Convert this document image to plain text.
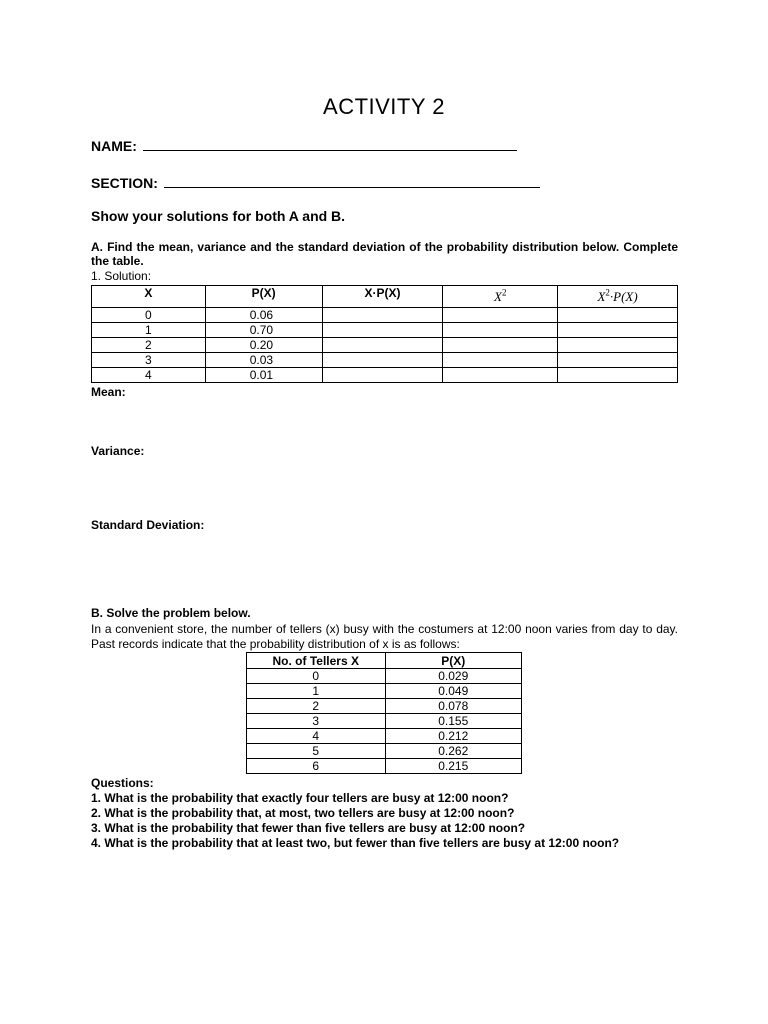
ACTIVITY 2
NAME:
SECTION:
Show your solutions for both A and B.
A. Find the mean, variance and the standard deviation of the probability distribution below. Complete the table.
1. Solution:
X	P(X)	X·P(X)	$X^2$	$X^2\cdot P(X)$
0	0.06			
1	0.70			
2	0.20			
3	0.03			
4	0.01			
Mean:
Variance:
Standard Deviation:
B. Solve the problem below.
In a convenient store, the number of tellers (x) busy with the costumers at 12:00 noon varies from day to day. Past records indicate that the probability distribution of x is as follows:
No. of Tellers X	P(X)
0	0.029
1	0.049
2	0.078
3	0.155
4	0.212
5	0.262
6	0.215
Questions:
1. What is the probability that exactly four tellers are busy at 12:00 noon?
2. What is the probability that, at most, two tellers are busy at 12:00 noon?
3. What is the probability that fewer than five tellers are busy at 12:00 noon?
4. What is the probability that at least two, but fewer than five tellers are busy at 12:00 noon?
